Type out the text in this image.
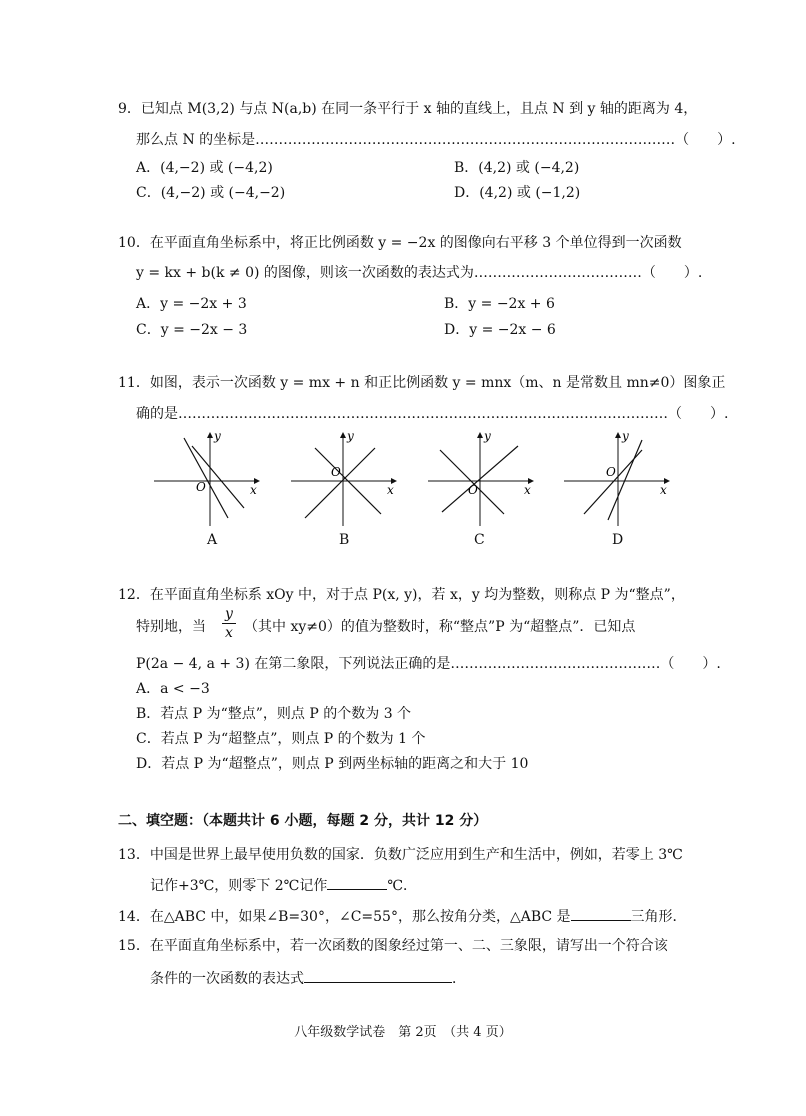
9．已知点 M(3,2) 与点 N(a,b) 在同一条平行于 x 轴的直线上，且点 N 到 y 轴的距离为 4，
那么点 N 的坐标是………………………………………………………………………………（　　）.
A．(4,−2) 或 (−4,2)	B．(4,2) 或 (−4,2)
C．(4,−2) 或 (−4,−2)	D．(4,2) 或 (−1,2)
10．在平面直角坐标系中，将正比例函数 y = −2x 的图像向右平移 3 个单位得到一次函数
y = kx + b(k ≠ 0) 的图像，则该一次函数的表达式为………………………………（　　）.
A．y = −2x + 3	B．y = −2x + 6
C．y = −2x − 3	D．y = −2x − 6
11．如图，表示一次函数 y = mx + n 和正比例函数 y = mnx（m、n 是常数且 mn≠0）图象正
确的是……………………………………………………………………………………………（　　）.
y
x
O
A
y
x
O
B
y
x
O
C
y
x
O
D
12．在平面直角坐标系 xOy 中，对于点 P(x, y)，若 x，y 均为整数，则称点 P 为“整点”，
特别地，当
y
x （其中 xy≠0）的值为整数时，称“整点”P 为“超整点”．已知点
P(2a − 4, a + 3) 在第二象限，下列说法正确的是………………………………………（　　）.
A．a < −3
B．若点 P 为“整点”，则点 P 的个数为 3 个
C．若点 P 为“超整点”，则点 P 的个数为 1 个
D．若点 P 为“超整点”，则点 P 到两坐标轴的距离之和大于 10
二、填空题：（本题共计 6 小题，每题 2 分，共计 12 分）
13．中国是世界上最早使用负数的国家．负数广泛应用到生产和生活中，例如，若零上 3℃
记作+3℃，则零下 2℃记作	℃．
14．在△ABC 中，如果∠B=30°，∠C=55°，那么按角分类，△ABC 是	三角形．
15．在平面直角坐标系中，若一次函数的图象经过第一、二、三象限，请写出一个符合该
条件的一次函数的表达式	．
八年级数学试卷　第 2页　（共 4 页）
